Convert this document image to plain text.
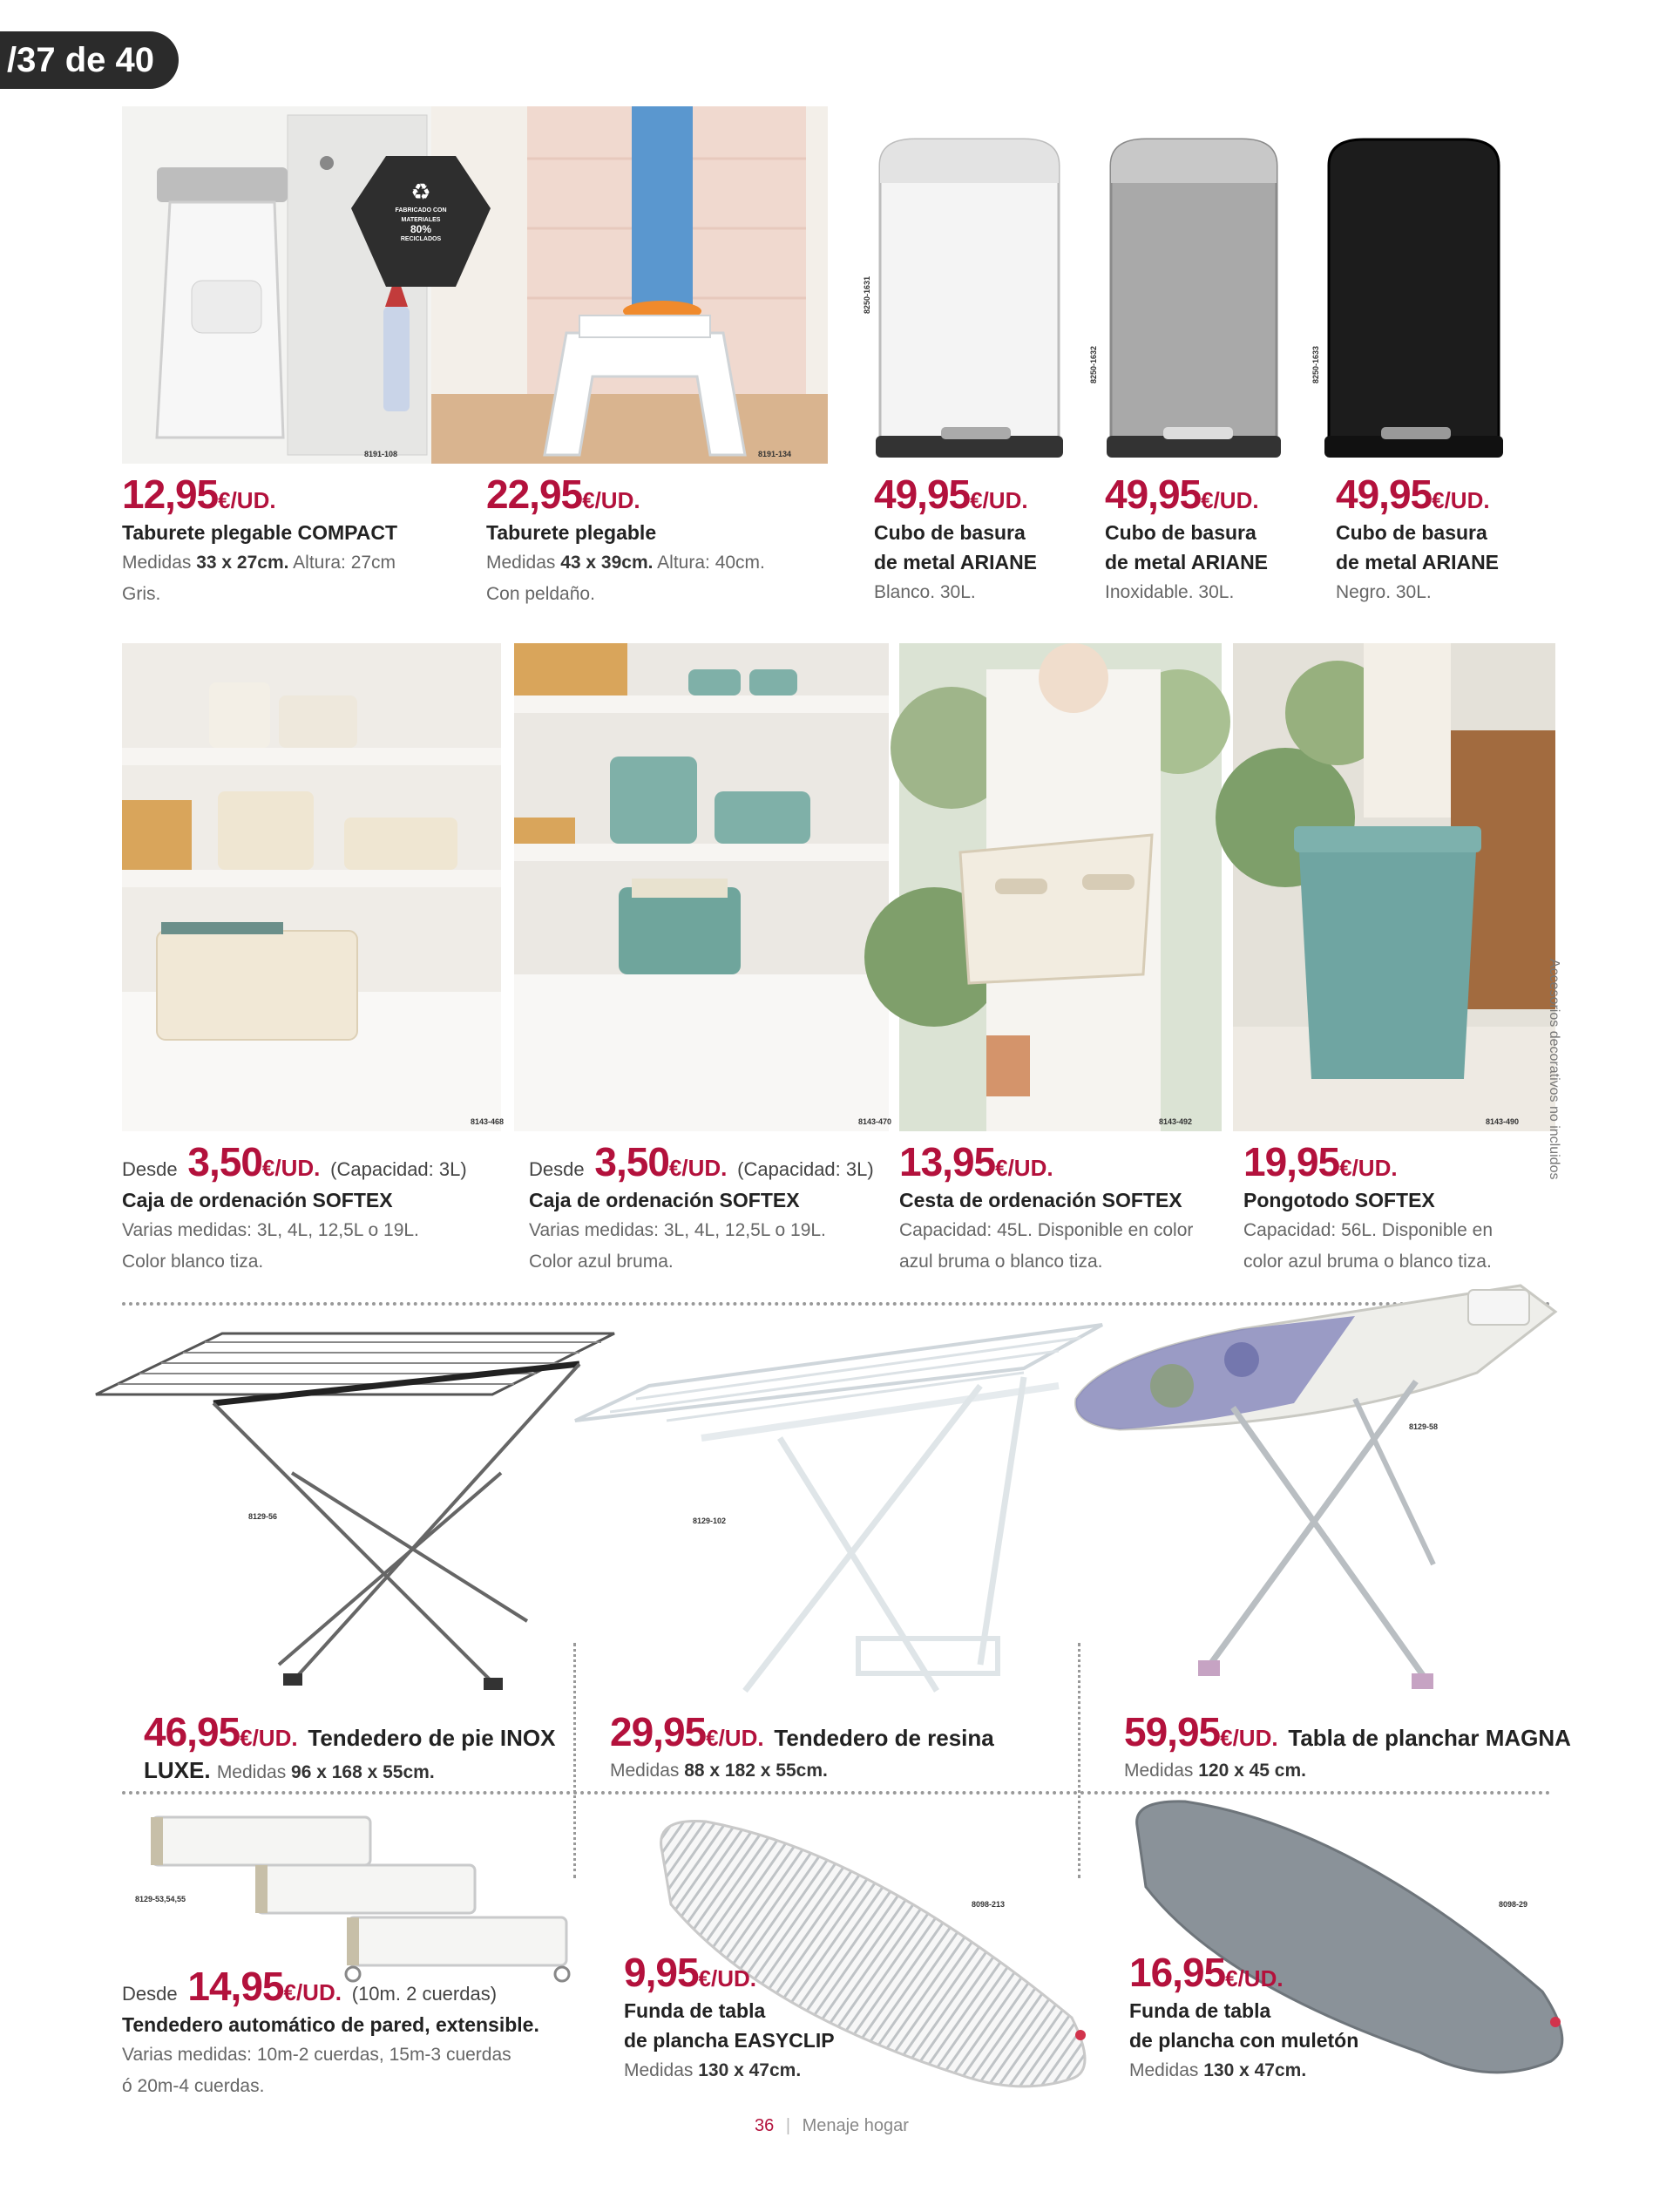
/37 de 40
♻
FABRICADO CON
MATERIALES
80%
RECICLADOS
8191-108	8191-134
8250-1631
8250-1632	8250-1633
12,95€/UD.
Taburete plegable COMPACT
Medidas 33 x 27cm. Altura: 27cm
Gris.
22,95€/UD.
Taburete plegable
Medidas 43 x 39cm. Altura: 40cm.
Con peldaño.
49,95€/UD.
Cubo de basura
de metal ARIANE
Blanco. 30L.
49,95€/UD.
Cubo de basura
de metal ARIANE
Inoxidable. 30L.
49,95€/UD.
Cubo de basura
de metal ARIANE
Negro. 30L.
8143-468	8143-470	8143-492	8143-490 Accesorios decorativos no incluidos
Desde 3,50€/UD. (Capacidad: 3L)
Caja de ordenación SOFTEX
Varias medidas: 3L, 4L, 12,5L o 19L.
Color blanco tiza.
Desde 3,50€/UD. (Capacidad: 3L)
Caja de ordenación SOFTEX
Varias medidas: 3L, 4L, 12,5L o 19L.
Color azul bruma.
13,95€/UD.
Cesta de ordenación SOFTEX
Capacidad: 45L. Disponible en color
azul bruma o blanco tiza.
19,95€/UD.
Pongotodo SOFTEX
Capacidad: 56L. Disponible en
color azul bruma o blanco tiza.
8129-56	8129-102
8129-58
46,95€/UD. Tendedero de pie INOX
LUXE. Medidas 96 x 168 x 55cm.
29,95€/UD. Tendedero de resina
Medidas 88 x 182 x 55cm.
59,95€/UD. Tabla de planchar MAGNA
Medidas 120 x 45 cm.
8129-53,54,55
8098-213	8098-29
Desde 14,95€/UD. (10m. 2 cuerdas)
Tendedero automático de pared, extensible.
Varias medidas: 10m-2 cuerdas, 15m-3 cuerdas
ó 20m-4 cuerdas.
9,95€/UD.
Funda de tabla
de plancha EASYCLIP
Medidas 130 x 47cm.
16,95€/UD.
Funda de tabla
de plancha con muletón
Medidas 130 x 47cm.
36 | Menaje hogar
